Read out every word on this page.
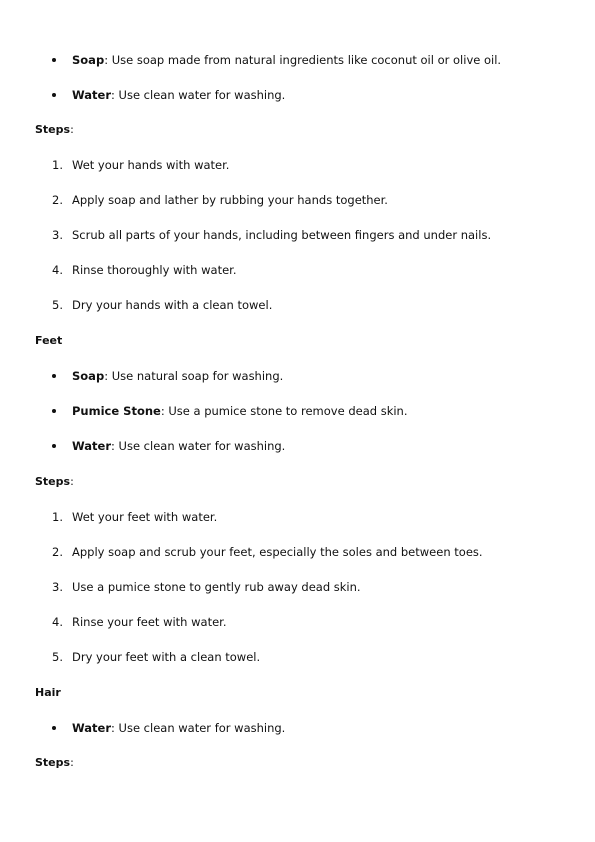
Soap: Use soap made from natural ingredients like coconut oil or olive oil.
Water: Use clean water for washing.
Steps:
1. Wet your hands with water.
2. Apply soap and lather by rubbing your hands together.
3. Scrub all parts of your hands, including between fingers and under nails.
4. Rinse thoroughly with water.
5. Dry your hands with a clean towel.
Feet
Soap: Use natural soap for washing.
Pumice Stone: Use a pumice stone to remove dead skin.
Water: Use clean water for washing.
Steps:
1. Wet your feet with water.
2. Apply soap and scrub your feet, especially the soles and between toes.
3. Use a pumice stone to gently rub away dead skin.
4. Rinse your feet with water.
5. Dry your feet with a clean towel.
Hair
Water: Use clean water for washing.
Steps:
